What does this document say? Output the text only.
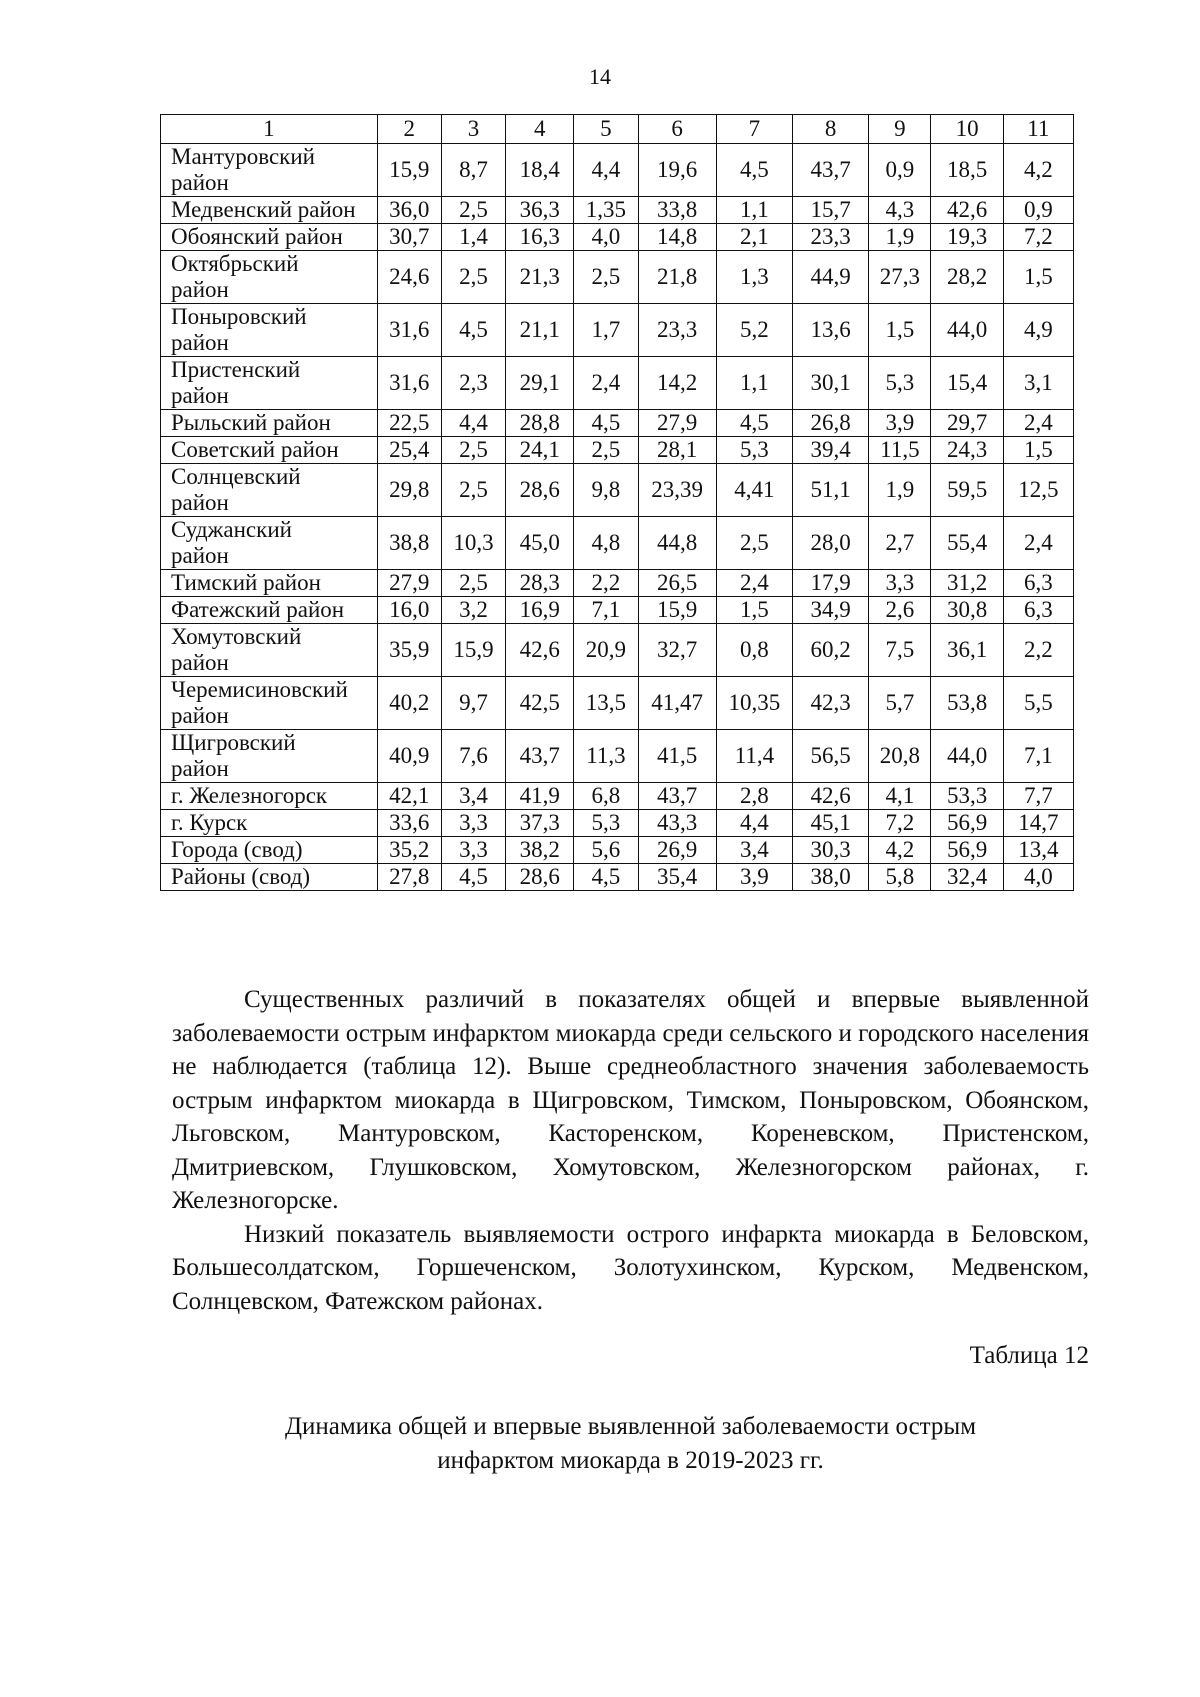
14
1	2	3	4	5	6	7	8	9	10	11
Мантуровский
район	15,9	8,7	18,4	4,4	19,6	4,5	43,7	0,9	18,5	4,2
Медвенский район	36,0	2,5	36,3	1,35	33,8	1,1	15,7	4,3	42,6	0,9
Обоянский район	30,7	1,4	16,3	4,0	14,8	2,1	23,3	1,9	19,3	7,2
Октябрьский
район	24,6	2,5	21,3	2,5	21,8	1,3	44,9	27,3	28,2	1,5
Поныровский
район	31,6	4,5	21,1	1,7	23,3	5,2	13,6	1,5	44,0	4,9
Пристенский
район	31,6	2,3	29,1	2,4	14,2	1,1	30,1	5,3	15,4	3,1
Рыльский район	22,5	4,4	28,8	4,5	27,9	4,5	26,8	3,9	29,7	2,4
Советский район	25,4	2,5	24,1	2,5	28,1	5,3	39,4	11,5	24,3	1,5
Солнцевский
район	29,8	2,5	28,6	9,8	23,39	4,41	51,1	1,9	59,5	12,5
Суджанский
район	38,8	10,3	45,0	4,8	44,8	2,5	28,0	2,7	55,4	2,4
Тимский район	27,9	2,5	28,3	2,2	26,5	2,4	17,9	3,3	31,2	6,3
Фатежский район	16,0	3,2	16,9	7,1	15,9	1,5	34,9	2,6	30,8	6,3
Хомутовский
район	35,9	15,9	42,6	20,9	32,7	0,8	60,2	7,5	36,1	2,2
Черемисиновский
район	40,2	9,7	42,5	13,5	41,47	10,35	42,3	5,7	53,8	5,5
Щигровский
район	40,9	7,6	43,7	11,3	41,5	11,4	56,5	20,8	44,0	7,1
г. Железногорск	42,1	3,4	41,9	6,8	43,7	2,8	42,6	4,1	53,3	7,7
г. Курск	33,6	3,3	37,3	5,3	43,3	4,4	45,1	7,2	56,9	14,7
Города (свод)	35,2	3,3	38,2	5,6	26,9	3,4	30,3	4,2	56,9	13,4
Районы (свод)	27,8	4,5	28,6	4,5	35,4	3,9	38,0	5,8	32,4	4,0

Существенных различий в показателях общей и впервые выявленной заболеваемости острым инфарктом миокарда среди сельского и городского населения не наблюдается (таблица 12). Выше среднеобластного значения заболеваемость острым инфарктом миокарда в Щигровском, Тимском, Поныровском, Обоянском, Льговском, Мантуровском, Касторенском, Кореневском, Пристенском, Дмитриевском, Глушковском, Хомутовском, Железногорском районах, г. Железногорске.

Низкий показатель выявляемости острого инфаркта миокарда в Беловском, Большесолдатском, Горшеченском, Золотухинском, Курском, Медвенском, Солнцевском, Фатежском районах.

Таблица 12
Динамика общей и впервые выявленной заболеваемости острым
инфарктом миокарда в 2019-2023 гг.
